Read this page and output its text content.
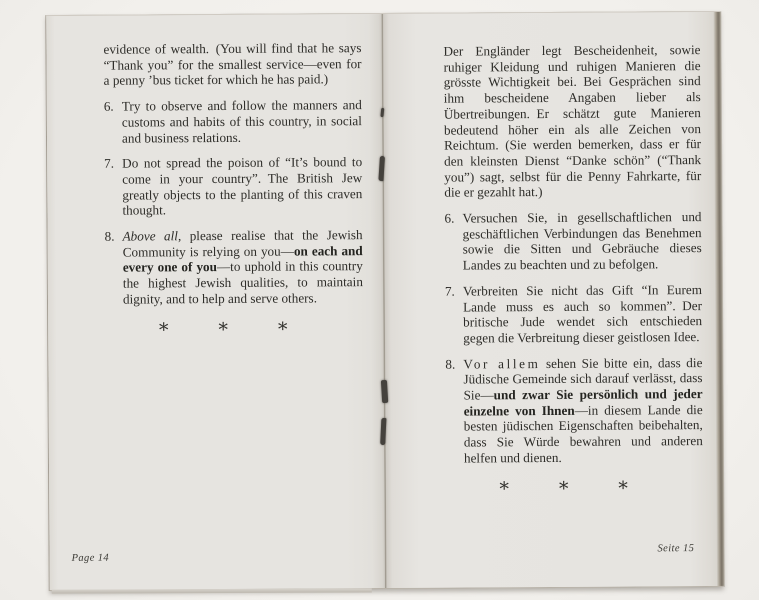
evidence of wealth. (You will find that he says “Thank you” for the smallest service—even for a penny ’bus ticket for which he has paid.)

6. Try to observe and follow the manners and customs and habits of this country, in social and business relations.

7. Do not spread the poison of “It’s bound to come in your country”. The British Jew greatly objects to the planting of this craven thought.

8. Above all, please realise that the Jewish Community is relying on you—on each and every one of you—to uphold in this country the highest Jewish qualities, to maintain dignity, and to help and serve others.

*	*	*
Page 14

Der Engländer legt Bescheidenheit, sowie ruhiger Kleidung und ruhigen Manieren die grösste Wichtigkeit bei. Bei Gesprächen sind ihm bescheidene Angaben lieber als Übertreibungen. Er schätzt gute Manieren bedeutend höher ein als alle Zeichen von Reichtum. (Sie werden bemerken, dass er für den kleinsten Dienst “Danke schön” (“Thank you”) sagt, selbst für die Penny Fahrkarte, für die er gezahlt hat.)

6. Versuchen Sie, in gesellschaftlichen und geschäftlichen Verbindungen das Benehmen sowie die Sitten und Gebräuche dieses Landes zu beachten und zu befolgen.

7. Verbreiten Sie nicht das Gift “In Eurem Lande muss es auch so kommen”. Der britische Jude wendet sich entschieden gegen die Verbreitung dieser geistlosen Idee.

8. Vor allem sehen Sie bitte ein, dass die Jüdische Gemeinde sich darauf verlässt, dass Sie—und zwar Sie persönlich und jeder einzelne von Ihnen—in diesem Lande die besten jüdischen Eigenschaften beibehalten, dass Sie Würde bewahren und anderen helfen und dienen.

*	*	*
Seite 15
